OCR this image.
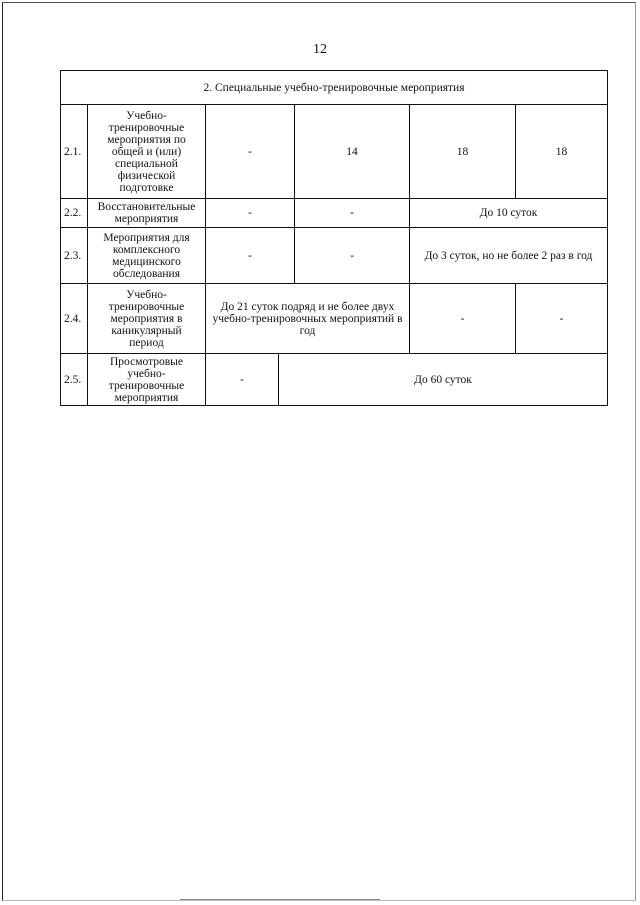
12
2. Специальные учебно-тренировочные мероприятия						
2.1.	Учебно-тренировочные мероприятия по общей и (или) специальной физической подготовке	-		14	18	18
2.2.	Восстановительные мероприятия	-		-	До 10 суток	
2.3.	Мероприятия для комплексного медицинского обследования	-		-	До 3 суток, но не более 2 раз в год	
2.4.	Учебно-тренировочные мероприятия в каникулярный период	До 21 суток подряд и не более двух учебно-тренировочных мероприятий в год			-	-
2.5.	Просмотровые учебно-тренировочные мероприятия	-	До 60 суток			
